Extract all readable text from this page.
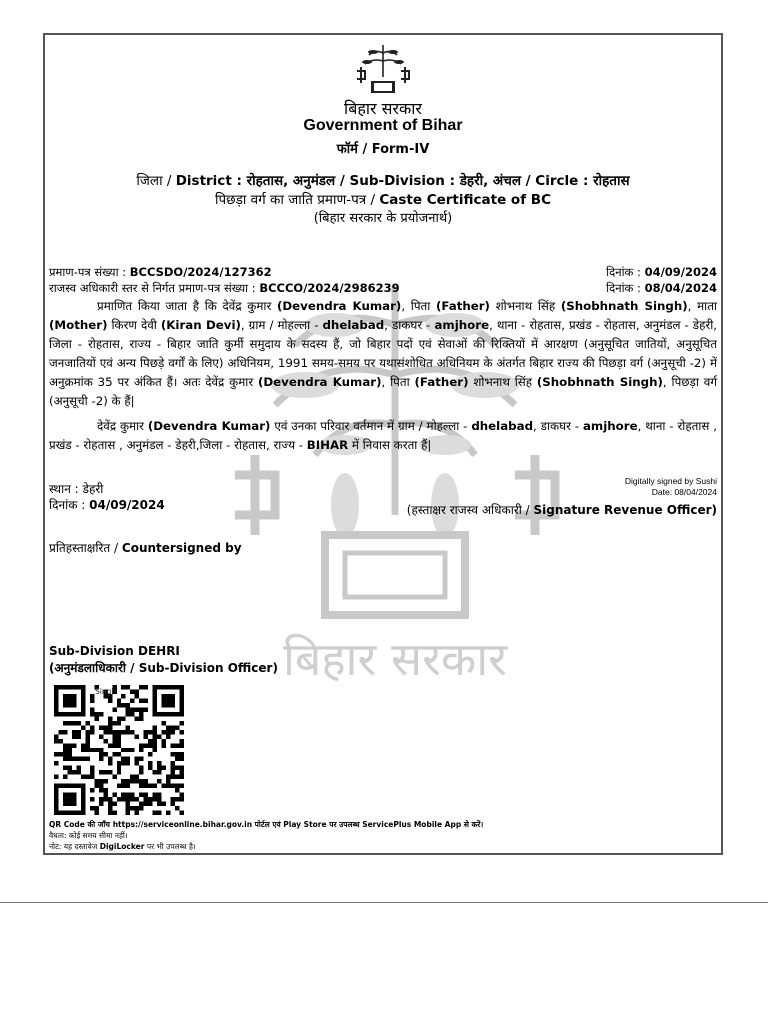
बिहार सरकार
बिहार सरकार
Government of Bihar
फॉर्म / Form-IV
जिला / District : रोहतास, अनुमंडल / Sub-Division : डेहरी, अंचल / Circle : रोहतास
पिछड़ा वर्ग का जाति प्रमाण-पत्र / Caste Certificate of BC
(बिहार सरकार के प्रयोजनार्थ)
प्रमाण-पत्र संख्या : BCCSDO/2024/127362	दिनांक : 04/09/2024
राजस्व अधिकारी स्तर से निर्गत प्रमाण-पत्र संख्या : BCCCO/2024/2986239	दिनांक : 08/04/2024
प्रमाणित किया जाता है कि देवेंद्र कुमार (Devendra Kumar), पिता (Father) शोभनाथ सिंह (Shobhnath Singh), माता (Mother) किरण देवी (Kiran Devi), ग्राम / मोहल्ला - dhelabad, डाकघर - amjhore, थाना - रोहतास, प्रखंड - रोहतास, अनुमंडल - डेहरी, जिला - रोहतास, राज्य - बिहार जाति कुर्मी समुदाय के सदस्य हैं, जो बिहार पदों एवं सेवाओं की रिक्तियों में आरक्षण (अनुसूचित जातियों, अनुसूचित जनजातियों एवं अन्य पिछड़े वर्गों के लिए) अधिनियम, 1991 समय-समय पर यथासंशोधित अधिनियम के अंतर्गत बिहार राज्य की पिछड़ा वर्ग (अनुसूची -2) में अनुक्रमांक 35 पर अंकित हैं। अतः देवेंद्र कुमार (Devendra Kumar), पिता (Father) शोभनाथ सिंह (Shobhnath Singh), पिछड़ा वर्ग (अनुसूची -2) के हैं|
देवेंद्र कुमार (Devendra Kumar) एवं उनका परिवार वर्तमान में ग्राम / मोहल्ला - dhelabad, डाकघर - amjhore, थाना - रोहतास , प्रखंड - रोहतास , अनुमंडल - डेहरी,जिला - रोहतास, राज्य - BIHAR में निवास करता हैं|
स्थान : डेहरी
दिनांक : 04/09/2024
Digitally signed by Sushi
Date: 08/04/2024
(हस्ताक्षर राजस्व अधिकारी / Signature Revenue Officer)
प्रतिहस्ताक्षरित / Countersigned by
Sub-Division DEHRI
(अनुमंडलाधिकारी / Sub-Division Officer)
Singh
QR Code की जाँच https://serviceonline.bihar.gov.in पोर्टल एवं Play Store पर उपलब्ध ServicePlus Mobile App से करें।
वैधता: कोई समय सीमा नहीं।
नोट: यह दस्तावेज DigiLocker पर भी उपलब्ध है।
